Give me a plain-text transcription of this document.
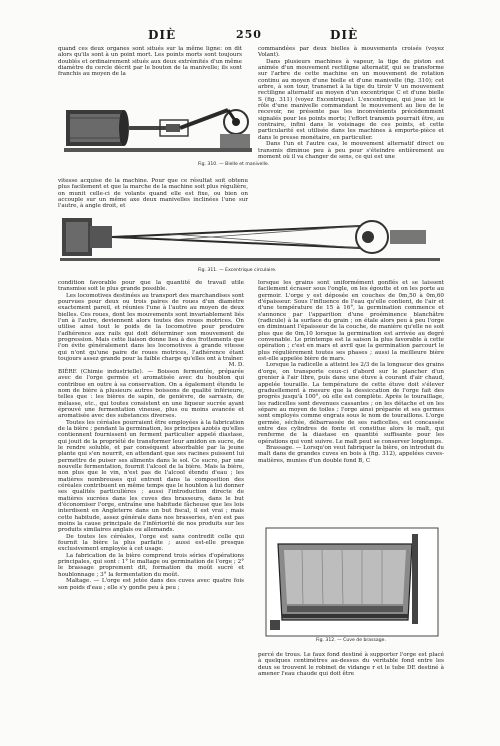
DIÈ	250	DIÈ

quand ces deux organes sont situés sur la même ligne: on dit alors qu'ils sont à un point mort. Les points morts sont toujours doublés et ordinairement situés aux deux extrémités d'un même diamètre du cercle décrit par le bouton de la manivelle; ils sont franchis au moyen de la

commandées par deux bielles à mouvements croisés (voyez Volant).

Dans plusieurs machines à vapeur, la tige du piston est animée d'un mouvement rectiligne alternatif, qui se transforme sur l'arbre de cette machine en un mouvement de rotation continu au moyen d'une bielle et d'une manivelle (fig. 310); cet arbre, à son tour, transmet à la tige du tiroir V un mouvement rectiligne alternatif au moyen d'un excentrique C et d'une bielle S (fig. 311) (voyez Excentrique). L'excentrique, qui joue ici le rôle d'une manivelle commandant le mouvement au lieu de le recevoir, ne présente pas les inconvénients précédemment signalés pour les points morts; l'effort transmis pourrait être, au contraire, infini dans le voisinage de ces points, et cette particularité est utilisée dans les machines à emporte-pièce et dans le presse monétaire, en particulier.

Dans l'un et l'autre cas, le mouvement alternatif direct ou transmis diminue peu à peu pour s'éteindre entièrement au moment où il va changer de sens, ce qui est une

Fig. 310. — Bielle et manivelle.

vitesse acquise de la machine. Pour que ce résultat soit obtenu plus facilement et que la marche de la machine soit plus régulière, on munit celle-ci de volants quand elle est fixe, ou bien on accouple sur un même axe deux manivelles inclinées l'une sur l'autre, à angle droit, et

Fig. 311. — Excentrique circulaire.

condition favorable pour que la quantité de travail utile transmise soit le plus grande possible.

Les locomotives destinées au transport des marchandises sont pourvues pour deux ou trois paires de roues d'un diamètre exactement pareil, et réunies l'une à l'autre au moyen de deux bielles. Ces roues, dont les mouvements sont invariablement liés l'un à l'autre, deviennent alors toutes des roues motrices. On utilise ainsi tout le poids de la locomotive pour produire l'adhérence aux rails qui doit déterminer son mouvement de progression. Mais cette liaison donne lieu à des frottements que l'on évite généralement dans les locomotives à grande vitesse qui n'ont qu'une paire de roues motrices, l'adhérence étant toujours assez grande pour la faible charge qu'elles ont à traîner.

M. D.

BIÈRE (Chimie industrielle). — Boisson fermentée, préparée avec de l'orge germée et aromatisée avec du houblon qui contribue en outre à sa conservation. On a également étendu le nom de bière à plusieurs autres boissons de qualité inférieure, telles que : les bières de sapin, de genièvre, de sarrasin, de mélasse, etc., qui toutes consistent en une liqueur sucrée ayant éprouvé une fermentation vineuse, plus ou moins avancée et aromatisée avec des substances diverses.

Toutes les céréales pourraient être employées à la fabrication de la bière ; pendant la germination, les principes azotés qu'elles contiennent fournissent un ferment particulier appelé diastase, qui jouit de la propriété de transformer leur amidon en sucre, de le rendre soluble, et par conséquent absorbable par la jeune plante qui s'en nourrit, en attendant que ses racines puissent lui permettre de puiser ses aliments dans le sol. Ce sucre, par une nouvelle fermentation, fournit l'alcool de la bière. Mais la bière, non plus que le vin, n'est pas de l'alcool étendu d'eau ; les matières nombreuses qui entrent dans la composition des céréales contribuent en même temps que le houblon à lui donner ses qualités particulières ; aussi l'introduction directe de matières sucrées dans les cuves des brasseurs, dans le but d'économiser l'orge, entraîne une habitude fâcheuse que les lois interdisent en Angleterre dans un but fiscal, il est vrai ; mais cette habitude, assez générale dans nos brasseries, n'en est pas moins la cause principale de l'infériorité de nos produits sur les produits similaires anglais ou allemands.

De toutes les céréales, l'orge est sans contredit celle qui fournit la bière la plus parfaite ; aussi est-elle presque exclusivement employée à cet usage.

La fabrication de la bière comprend trois séries d'opérations principales, qui sont : 1° le maltage ou germination de l'orge ; 2° le brassage proprement dit, formation du moût sucré et houblonnage ; 3° la fermentation du moût.

Maltage. — L'orge est jetée dans des cuves avec quatre fois son poids d'eau ; elle s'y gonfle peu à peu ;

lorsque les grains sont uniformément gonflés et se laissent facilement écraser sous l'ongle, on les égoutte et on les porte au germoir. L'orge y est déposée en couches de 0m,50 à 0m,60 d'épaisseur. Sous l'influence de l'eau qu'elle contient, de l'air et d'une température de 15 à 16°, la germination commence et s'annonce par l'apparition d'une proéminence blanchâtre (radicule) à la surface du grain ; on étale alors peu à peu l'orge en diminuant l'épaisseur de la couche, de manière qu'elle ne soit plus que de 0m,10 lorsque la germination est arrivée au degré convenable. Le printemps est la saison la plus favorable à cette opération ; c'est en mars et avril que la germination parcourt le plus régulièrement toutes ses phases ; aussi la meilleure bière est-elle appelée bière de mars.

Lorsque la radicelle a atteint les 2/3 de la longueur des grains d'orge, on transporte ceux-ci d'abord sur le plancher d'un grenier à l'air libre, puis dans une étuve à courant d'air chaud, appelée touraille. La température de cette étuve doit s'élever graduellement à mesure que la dessiccation de l'orge fait des progrès jusqu'à 100°, où elle est complète. Après le touraillage, les radicelles sont devenues cassantes ; on les détache et on les sépare au moyen de toiles ; l'orge ainsi préparée et ses germes sont employés comme engrais sous le nom de touraillons. L'orge germée, séchée, débarrassée de ses radicelles, est concassée entre des cylindres de fonte et constitue alors le malt, qui renferme de la diastase en quantité suffisante pour les opérations qui vont suivre. Le malt peut se conserver longtemps.

Brassage. — Lorsqu'on veut fabriquer la bière, on introduit du malt dans de grandes cuves en bois à (fig. 312), appelées cuves-matières, munies d'un double fond B, C

Fig. 312. — Cuve de brassage.

percé de trous. Le faux fond destiné à supporter l'orge est placé à quelques centimètres au-dessus du véritable fond entre les deux se trouvent le robinet de vidange r et le tube DE destiné à amener l'eau chaude qui doit être
